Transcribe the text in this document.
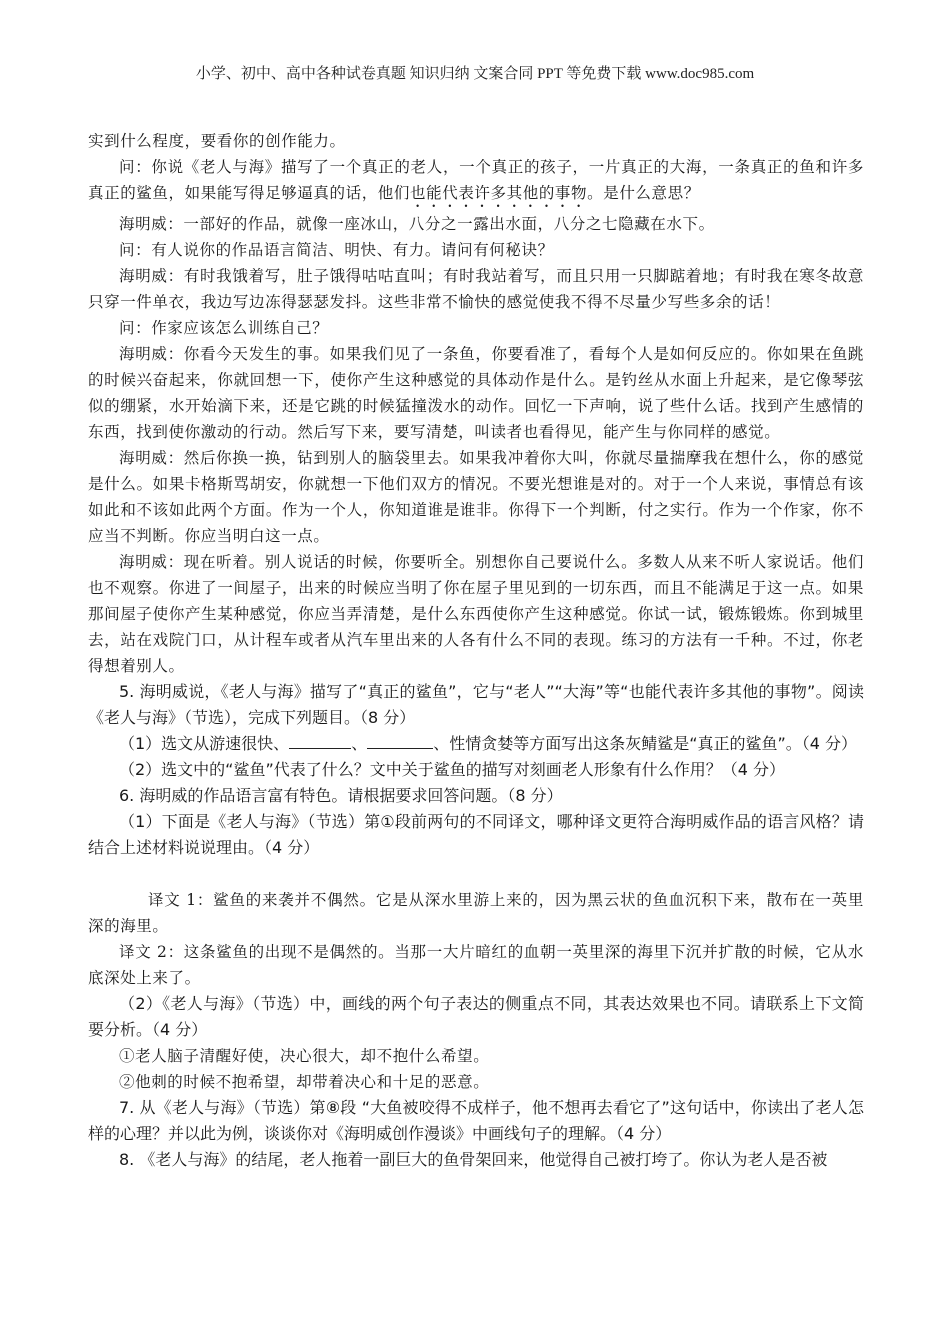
小学、初中、高中各种试卷真题 知识归纳 文案合同 PPT 等免费下载 www.doc985.com

实到什么程度，要看你的创作能力。

问：你说《老人与海》描写了一个真正的老人，一个真正的孩子，一片真正的大海，一条真正的鱼和许多真正的鲨鱼，如果能写得足够逼真的话，他们也能代表许多其他的事物。是什么意思？

海明威：一部好的作品，就像一座冰山，八分之一露出水面，八分之七隐藏在水下。

问：有人说你的作品语言简洁、明快、有力。请问有何秘诀？

海明威：有时我饿着写，肚子饿得咕咕直叫；有时我站着写，而且只用一只脚踮着地；有时我在寒冬故意只穿一件单衣，我边写边冻得瑟瑟发抖。这些非常不愉快的感觉使我不得不尽量少写些多余的话！

问：作家应该怎么训练自己？

海明威：你看今天发生的事。如果我们见了一条鱼，你要看准了，看每个人是如何反应的。你如果在鱼跳的时候兴奋起来，你就回想一下，使你产生这种感觉的具体动作是什么。是钓丝从水面上升起来，是它像琴弦似的绷紧，水开始滴下来，还是它跳的时候猛撞泼水的动作。回忆一下声响，说了些什么话。找到产生感情的东西，找到使你激动的行动。然后写下来，要写清楚，叫读者也看得见，能产生与你同样的感觉。

海明威：然后你换一换，钻到别人的脑袋里去。如果我冲着你大叫，你就尽量揣摩我在想什么，你的感觉是什么。如果卡格斯骂胡安，你就想一下他们双方的情况。不要光想谁是对的。对于一个人来说，事情总有该如此和不该如此两个方面。作为一个人，你知道谁是谁非。你得下一个判断，付之实行。作为一个作家，你不应当不判断。你应当明白这一点。

海明威：现在听着。别人说话的时候，你要听全。别想你自己要说什么。多数人从来不听人家说话。他们也不观察。你进了一间屋子，出来的时候应当明了你在屋子里见到的一切东西，而且不能满足于这一点。如果那间屋子使你产生某种感觉，你应当弄清楚，是什么东西使你产生这种感觉。你试一试，锻炼锻炼。你到城里去，站在戏院门口，从计程车或者从汽车里出来的人各有什么不同的表现。练习的方法有一千种。不过，你老得想着别人。

5. 海明威说，《老人与海》描写了“真正的鲨鱼”，它与“老人”“大海”等“也能代表许多其他的事物”。阅读《老人与海》（节选），完成下列题目。（8 分）

（1）选文从游速很快、	、	、性情贪婪等方面写出这条灰鲭鲨是“真正的鲨鱼”。（4 分）

（2）选文中的“鲨鱼”代表了什么？文中关于鲨鱼的描写对刻画老人形象有什么作用？（4 分）

6. 海明威的作品语言富有特色。请根据要求回答问题。（8 分）

（1）下面是《老人与海》（节选）第①段前两句的不同译文，哪种译文更符合海明威作品的语言风格？请结合上述材料说说理由。（4 分）

译文 1：鲨鱼的来袭并不偶然。它是从深水里游上来的，因为黑云状的鱼血沉积下来，散布在一英里深的海里。

译文 2：这条鲨鱼的出现不是偶然的。当那一大片暗红的血朝一英里深的海里下沉并扩散的时候，它从水底深处上来了。

（2）《老人与海》（节选）中，画线的两个句子表达的侧重点不同，其表达效果也不同。请联系上下文简要分析。（4 分）

①老人脑子清醒好使，决心很大，却不抱什么希望。

②他刺的时候不抱希望，却带着决心和十足的恶意。

7. 从《老人与海》（节选）第⑧段 “大鱼被咬得不成样子，他不想再去看它了”这句话中，你读出了老人怎样的心理？并以此为例，谈谈你对《海明威创作漫谈》中画线句子的理解。（4 分）

8. 《老人与海》的结尾，老人拖着一副巨大的鱼骨架回来，他觉得自己被打垮了。你认为老人是否被
